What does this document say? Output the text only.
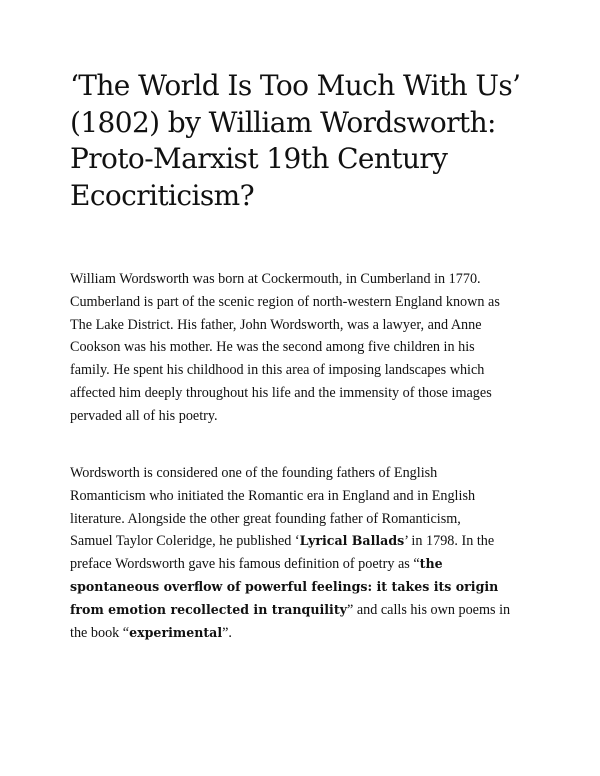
‘The World Is Too Much With Us’
(1802) by William Wordsworth:
Proto-Marxist 19th Century
Ecocriticism?

William Wordsworth was born at Cockermouth, in Cumberland in 1770.
Cumberland is part of the scenic region of north-western England known as
The Lake District. His father, John Wordsworth, was a lawyer, and Anne
Cookson was his mother. He was the second among five children in his
family. He spent his childhood in this area of imposing landscapes which
affected him deeply throughout his life and the immensity of those images
pervaded all of his poetry.

Wordsworth is considered one of the founding fathers of English
Romanticism who initiated the Romantic era in England and in English
literature. Alongside the other great founding father of Romanticism,
Samuel Taylor Coleridge, he published ‘Lyrical Ballads’ in 1798. In the
preface Wordsworth gave his famous definition of poetry as “the
spontaneous overflow of powerful feelings: it takes its origin
from emotion recollected in tranquility” and calls his own poems in
the book “experimental”.
